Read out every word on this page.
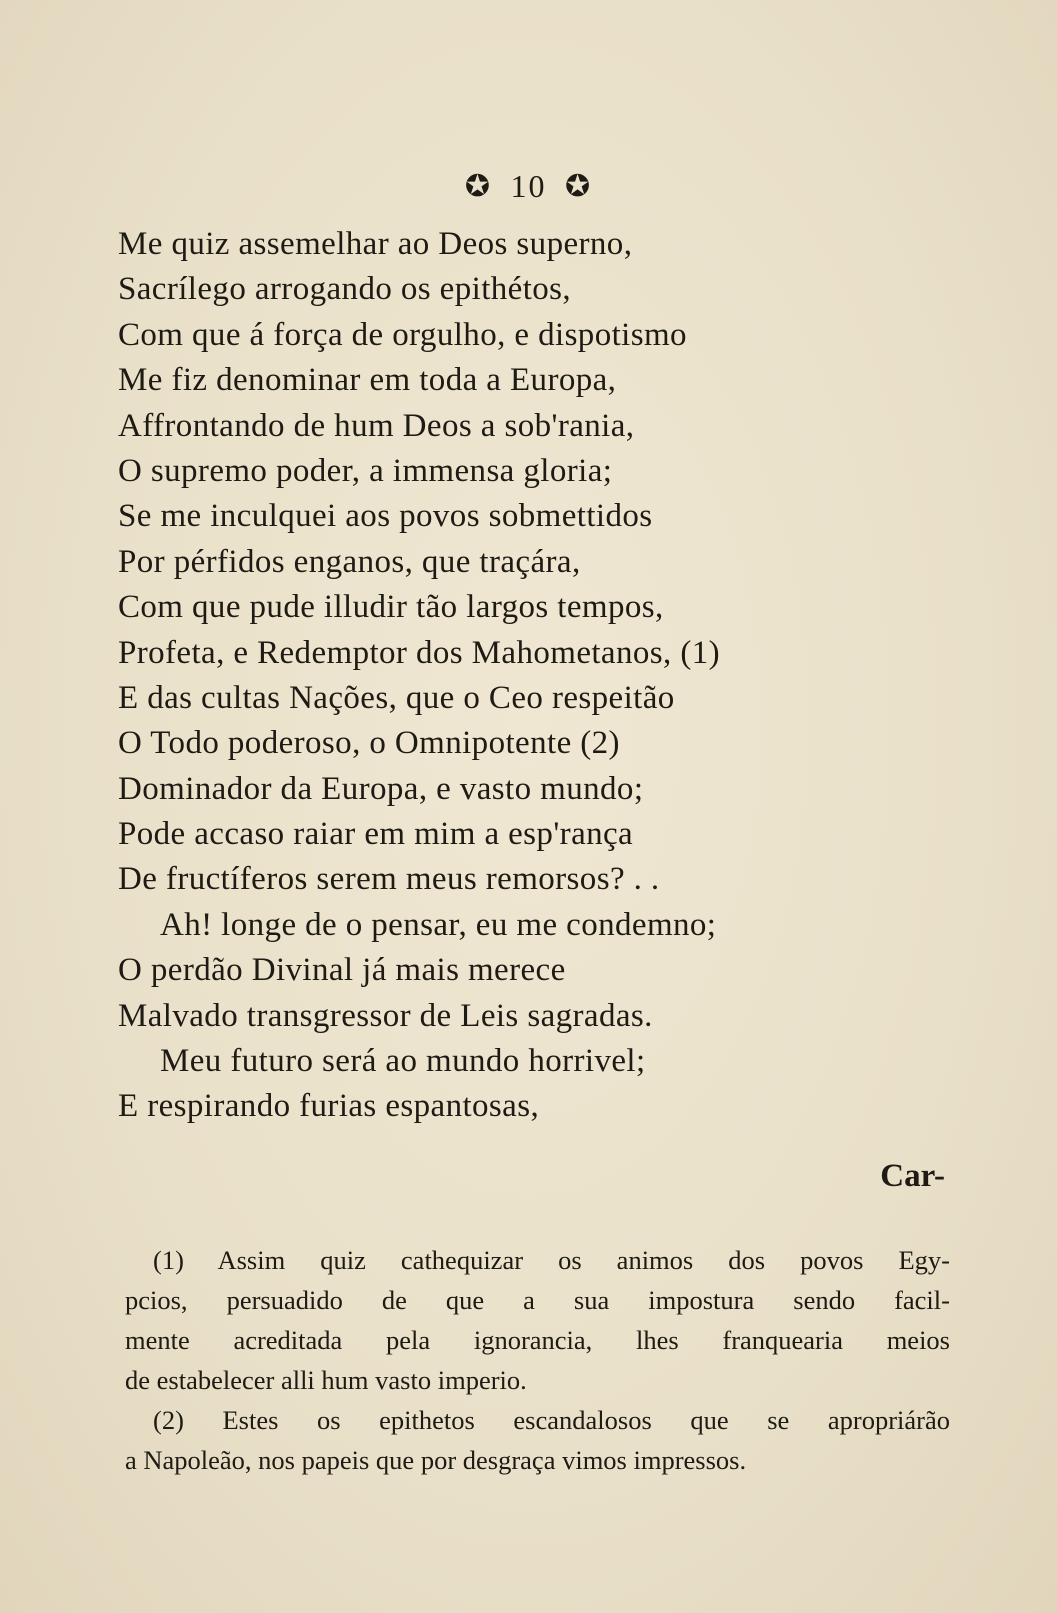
✪ 10 ✪
Me quiz assemelhar ao Deos superno,
Sacrílego arrogando os epithétos,
Com que á força de orgulho, e dispotismo
Me fiz denominar em toda a Europa,
Affrontando de hum Deos a sob'rania,
O supremo poder, a immensa gloria;
Se me inculquei aos povos sobmettidos
Por pérfidos enganos, que traçára,
Com que pude illudir tão largos tempos,
Profeta, e Redemptor dos Mahometanos, (1)
E das cultas Nações, que o Ceo respeitão
O Todo poderoso, o Omnipotente (2)
Dominador da Europa, e vasto mundo;
Pode accaso raiar em mim a esp'rança
De fructíferos serem meus remorsos? . .
Ah! longe de o pensar, eu me condemno;
O perdão Divinal já mais merece
Malvado transgressor de Leis sagradas.
Meu futuro será ao mundo horrivel;
E respirando furias espantosas,
Car-
(1) Assim quiz cathequizar os animos dos povos Egy-
pcios, persuadido de que a sua impostura sendo facil-
mente acreditada pela ignorancia, lhes franquearia meios
de estabelecer alli hum vasto imperio.
(2) Estes os epithetos escandalosos que se apropriárão
a Napoleão, nos papeis que por desgraça vimos impressos.
